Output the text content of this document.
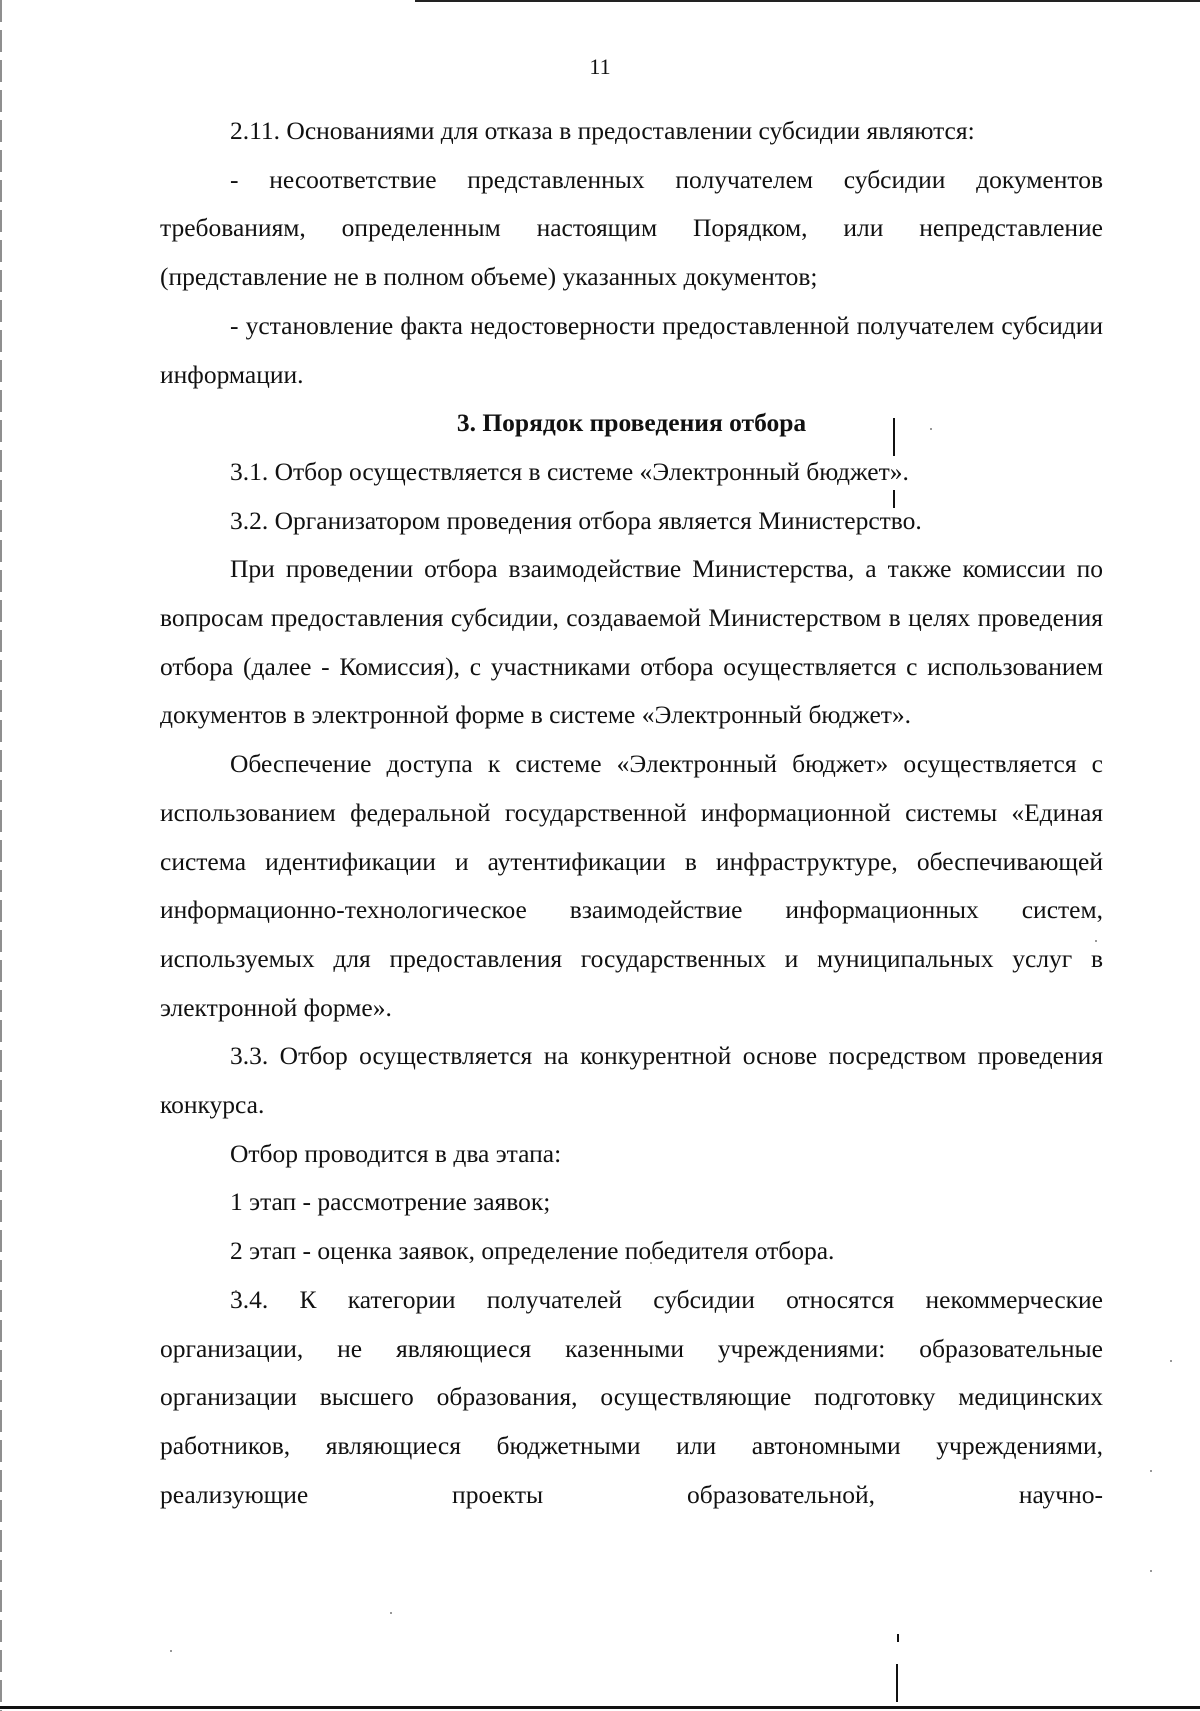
11

2.11. Основаниями для отказа в предоставлении субсидии являются:

- несоответствие представленных получателем субсидии документов требованиям, определенным настоящим Порядком, или непредставление (представление не в полном объеме) указанных документов;

- установление факта недостоверности предоставленной получателем субсидии информации.

3. Порядок проведения отбора

3.1. Отбор осуществляется в системе «Электронный бюджет».

3.2. Организатором проведения отбора является Министерство.

При проведении отбора взаимодействие Министерства, а также комиссии по вопросам предоставления субсидии, создаваемой Министерством в целях проведения отбора (далее - Комиссия), с участниками отбора осуществляется с использованием документов в электронной форме в системе «Электронный бюджет».

Обеспечение доступа к системе «Электронный бюджет» осуществляется с использованием федеральной государственной информационной системы «Единая система идентификации и аутентификации в инфраструктуре, обеспечивающей информационно-технологическое взаимодействие информационных систем, используемых для предоставления государственных и муниципальных услуг в электронной форме».

3.3. Отбор осуществляется на конкурентной основе посредством проведения конкурса.

Отбор проводится в два этапа:

1 этап - рассмотрение заявок;

2 этап - оценка заявок, определение победителя отбора.

3.4. К категории получателей субсидии относятся некоммерческие организации, не являющиеся казенными учреждениями: образовательные организации высшего образования, осуществляющие подготовку медицинских работников, являющиеся бюджетными или автономными учреждениями, реализующие проекты образовательной, научно-
